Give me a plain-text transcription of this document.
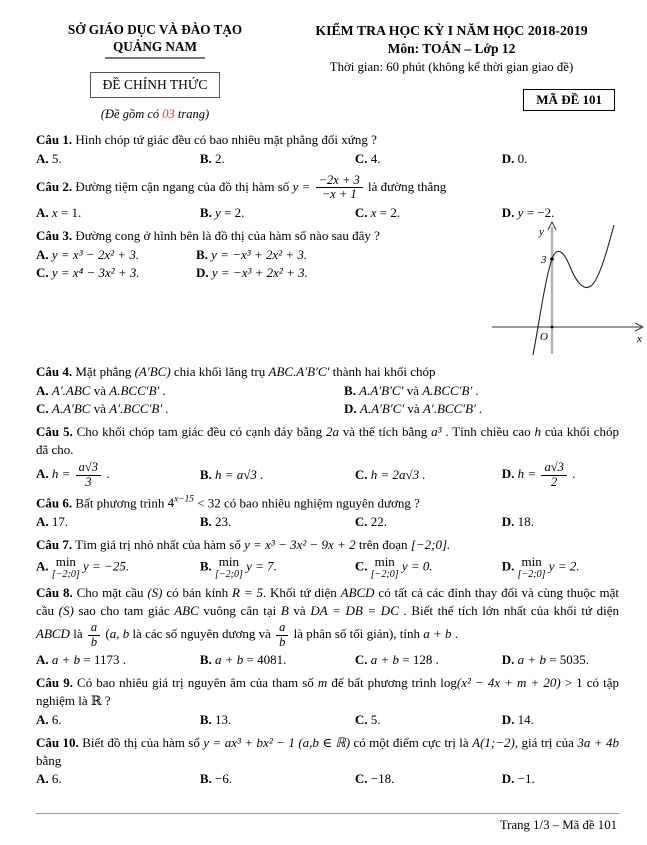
SỞ GIÁO DỤC VÀ ĐÀO TẠO
QUẢNG NAM
ĐỀ CHÍNH THỨC
(Đề gồm có 03 trang)
KIỂM TRA HỌC KỲ I NĂM HỌC 2018-2019
Môn: TOÁN – Lớp 12
Thời gian: 60 phút (không kể thời gian giao đề)
MÃ ĐỀ 101
Câu 1. Hình chóp tứ giác đều có bao nhiêu mặt phẳng đối xứng ?
A. 5.	B. 2.	C. 4.	D. 0.
Câu 2. Đường tiệm cận ngang của đồ thị hàm số $y = \frac{-2x + 3}{-x + 1}$ là đường thẳng
A. x = 1.	B. y = 2.	C. x = 2.	D. y = −2.
Câu 3. Đường cong ở hình bên là đồ thị của hàm số nào sau đây ?
A. y = x³ − 2x² + 3.	B. y = −x³ + 2x² + 3.
C. y = x⁴ − 3x² + 3.	D. y = −x³ + 2x² + 3.
y
x
O
3
Câu 4. Mặt phẳng (A′BC) chia khối lăng trụ ABC.A′B′C′ thành hai khối chóp
A. A′.ABC và A.BCC′B′ .	B. A.A′B′C′ và A.BCC′B′ .
C. A.A′BC và A′.BCC′B′ .	D. A.A′B′C′ và A′.BCC′B′ .
Câu 5. Cho khối chóp tam giác đều có cạnh đáy bằng 2a và thể tích bằng a³ . Tính chiều cao h của khối chóp đã cho.
A. $h = \frac{a√3}{3}$ .	B. h = a√3 .	C. h = 2a√3 .	D. $h = \frac{a√3}{2}$ .
Câu 6. Bất phương trình $4^{x-15} < 32$ có bao nhiêu nghiệm nguyên dương ?
A. 17.	B. 23.	C. 22.	D. 18.
Câu 7. Tìm giá trị nhỏ nhất của hàm số y = x³ − 3x² − 9x + 2 trên đoạn [−2;0].
A. min
[−2;0]
y = −25.	B. min
[−2;0]
y = 7.	C. min
[−2;0]
y = 0.	D. min
[−2;0]
y = 2.
Câu 8. Cho mặt cầu (S) có bán kính R = 5. Khối tứ diện ABCD có tất cả các đỉnh thay đổi và cùng thuộc mặt cầu (S) sao cho tam giác ABC vuông cân tại B và DA = DB = DC . Biết thể tích lớn nhất của khối tứ diện ABCD là $\frac{a}{b} (a$, b là các số nguyên dương và $\frac{a}{b}$ là phân số tối giản), tính a + b .
A. a + b = 1173 .	B. a + b = 4081.	C. a + b = 128 .	D. a + b = 5035.
Câu 9. Có bao nhiêu giá trị nguyên âm của tham số m để bất phương trình log(x² − 4x + m + 20) > 1 có tập nghiệm là ℝ ?
A. 6.	B. 13.	C. 5.	D. 14.
Câu 10. Biết đồ thị của hàm số y = ax³ + bx² − 1 (a,b ∈ ℝ) có một điểm cực trị là A(1;−2), giá trị của 3a + 4b bằng
A. 6.	B. −6.	C. −18.	D. −1.
Trang 1/3 – Mã đề 101
